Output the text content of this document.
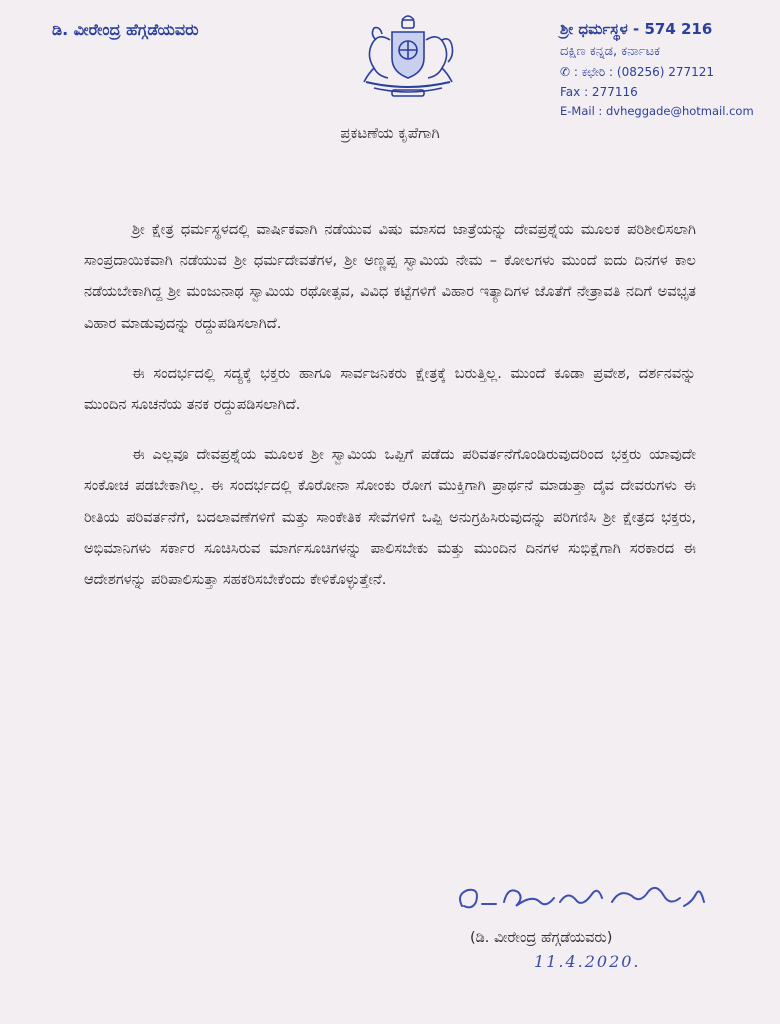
ಡಿ. ವೀರೇಂದ್ರ ಹೆಗ್ಗಡೆಯವರು	ಶ್ರೀ ಧರ್ಮಸ್ಥಳ - 574 216
ದಕ್ಷಿಣ ಕನ್ನಡ, ಕರ್ನಾಟಕ
✆ : ಕಛೇರಿ : (08256) 277121
Fax : 277116
E-Mail : dvheggade@hotmail.com
ಪ್ರಕಟಣೆಯ ಕೃಪೆಗಾಗಿ

ಶ್ರೀ ಕ್ಷೇತ್ರ ಧರ್ಮಸ್ಥಳದಲ್ಲಿ ವಾರ್ಷಿಕವಾಗಿ ನಡೆಯುವ ವಿಷು ಮಾಸದ ಜಾತ್ರೆಯನ್ನು ದೇವಪ್ರಶ್ನೆಯ ಮೂಲಕ ಪರಿಶೀಲಿಸಲಾಗಿ ಸಾಂಪ್ರದಾಯಿಕವಾಗಿ ನಡೆಯುವ ಶ್ರೀ ಧರ್ಮದೇವತೆಗಳ, ಶ್ರೀ ಅಣ್ಣಪ್ಪ ಸ್ವಾಮಿಯ ನೇಮ – ಕೋಲಗಳು ಮುಂದೆ ಐದು ದಿನಗಳ ಕಾಲ ನಡೆಯಬೇಕಾಗಿದ್ದ ಶ್ರೀ ಮಂಜುನಾಥ ಸ್ವಾಮಿಯ ರಥೋತ್ಸವ, ವಿವಿಧ ಕಟ್ಟೆಗಳಿಗೆ ವಿಹಾರ ಇತ್ಯಾದಿಗಳ ಜೊತೆಗೆ ನೇತ್ರಾವತಿ ನದಿಗೆ ಅವಭೃತ ವಿಹಾರ ಮಾಡುವುದನ್ನು ರದ್ದುಪಡಿಸಲಾಗಿದೆ.

ಈ ಸಂದರ್ಭದಲ್ಲಿ ಸದ್ಯಕ್ಕೆ ಭಕ್ತರು ಹಾಗೂ ಸಾರ್ವಜನಿಕರು ಕ್ಷೇತ್ರಕ್ಕೆ ಬರುತ್ತಿಲ್ಲ. ಮುಂದೆ ಕೂಡಾ ಪ್ರವೇಶ, ದರ್ಶನವನ್ನು ಮುಂದಿನ ಸೂಚನೆಯ ತನಕ ರದ್ದುಪಡಿಸಲಾಗಿದೆ.

ಈ ಎಲ್ಲವೂ ದೇವಪ್ರಶ್ನೆಯ ಮೂಲಕ ಶ್ರೀ ಸ್ವಾಮಿಯ ಒಪ್ಪಿಗೆ ಪಡೆದು ಪರಿವರ್ತನೆಗೊಂಡಿರುವುದರಿಂದ ಭಕ್ತರು ಯಾವುದೇ ಸಂಕೋಚ ಪಡಬೇಕಾಗಿಲ್ಲ. ಈ ಸಂದರ್ಭದಲ್ಲಿ ಕೊರೋನಾ ಸೋಂಕು ರೋಗ ಮುಕ್ತಿಗಾಗಿ ಪ್ರಾರ್ಥನೆ ಮಾಡುತ್ತಾ ದೈವ ದೇವರುಗಳು ಈ ರೀತಿಯ ಪರಿವರ್ತನೆಗೆ, ಬದಲಾವಣೆಗಳಿಗೆ ಮತ್ತು ಸಾಂಕೇತಿಕ ಸೇವೆಗಳಿಗೆ ಒಪ್ಪಿ ಅನುಗ್ರಹಿಸಿರುವುದನ್ನು ಪರಿಗಣಿಸಿ ಶ್ರೀ ಕ್ಷೇತ್ರದ ಭಕ್ತರು, ಅಭಿಮಾನಿಗಳು ಸರ್ಕಾರ ಸೂಚಿಸಿರುವ ಮಾರ್ಗಸೂಚಿಗಳನ್ನು ಪಾಲಿಸಬೇಕು ಮತ್ತು ಮುಂದಿನ ದಿನಗಳ ಸುಭಿಕ್ಷೆಗಾಗಿ ಸರಕಾರದ ಈ ಆದೇಶಗಳನ್ನು ಪರಿಪಾಲಿಸುತ್ತಾ ಸಹಕರಿಸಬೇಕೆಂದು ಕೇಳಿಕೊಳ್ಳುತ್ತೇನೆ.

(ಡಿ. ವೀರೇಂದ್ರ ಹೆಗ್ಗಡೆಯವರು)
11.4.2020.
